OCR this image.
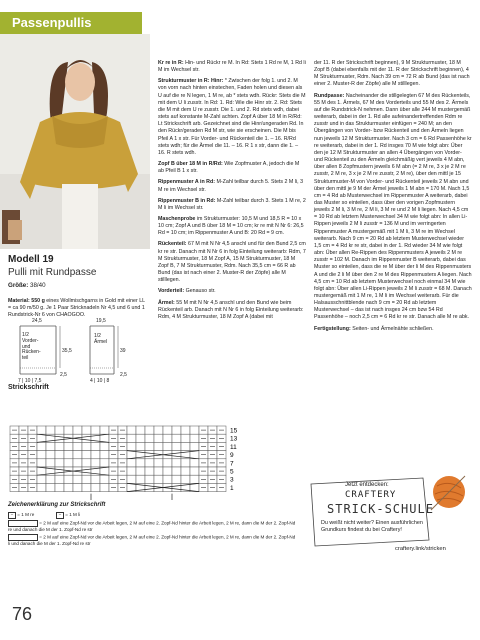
Passenpullis
Modell 19
Pulli mit Rundpasse
Größe: 38/40
Material: 550 g eines Wollmischgarns in Gold mit einer LL = ca 90 m/50 g. Je 1 Paar Stricknadeln Nr 4,5 und 6 und 1 Rundstrick-Nr 6 von CHAOGOO.
24,5
1/2 Vorder- und Rücken-teil
35,5
2,5
7 | 10 | 7,5
19,5
1/2 Ärmel
39
2,5
4 | 10 | 8
Strickschrift
15
13
11
9
7
5
3
1
Zeichenerklärung zur Strickschrift
− = 1 M re	− = 1 M li
= 2 M auf eine Zopf-Nd vor die Arbeit legen, 2 M auf eine 2. Zopf-Nd hinter die Arbeit legen, 2 M re, dann die M der 2. Zopf-Nd re und danach die M der 1. Zopf-Nd re str
= 2 M auf eine Zopf-Nd vor die Arbeit legen, 2 M auf eine 2. Zopf-Nd hinter die Arbeit legen, 2 M re, dann die M der 2. Zopf-Nd li und danach die M der 1. Zopf-Nd re str

Kr re in R: Hin- und Rückr re M. In Rd: Stets 1 Rd re M, 1 Rd li M im Wechsel str.

Strukturmuster in R: Hinr: * Zwischen der folg 1. und 2. M von vorn nach hinten einstechen, Faden holen und diesen als U auf die re N legen, 1 M re, ab * stets wdh. Rückr: Stets die M mit dem U li zusstr. In Rd: 1. Rd: Wie die Hinr str. 2. Rd: Stets die M mit dem U re zusstr. Die 1. und 2. Rd stets wdh, dabei stets auf konstante M-Zahl achten. Zopf A über 18 M in R/Rd: Lt Strickschrift arb. Gezeichnet sind die Hinr/ungeraden Rd. In den Rückr/geraden Rd M str, wie sie erscheinen. Die M bis Pfeil A 1 x str. Für Vorder- und Rückenteil die 1. – 16. R/Rd stets wdh; für die Ärmel die 11. – 16. R 1 x str, dann die 1. – 16. R stets wdh.

Zopf B über 18 M in R/Rd: Wie Zopfmuster A, jedoch die M ab Pfeil B 1 x str.

Rippenmuster A in Rd: M-Zahl teilbar durch 5. Stets 2 M li, 3 M re im Wechsel str.

Rippenmuster B in Rd: M-Zahl teilbar durch 3. Stets 1 M re, 2 M li im Wechsel str.

Maschenprobe im Strukturmuster: 10,5 M und 18,5 R = 10 x 10 cm; Zopf A und B über 18 M = 10 cm; kr re mit N Nr 6: 26,5 Rd = 10 cm; im Rippenmuster A und B: 20 Rd = 9 cm.

Rückenteil: 67 M mit N Nr 4,5 anschl und für den Bund 2,5 cm kr re str. Danach mit N Nr 6 in folg Einteilung weiterarb: Rdm, 7 M Strukturmuster, 18 M Zopf A, 15 M Strukturmuster, 18 M Zopf B, 7 M Strukturmuster, Rdm. Nach 35,5 cm = 66 R ab Bund (das ist nach einer 2. Muster-R der Zöpfe) alle M stilllegen.

Vorderteil: Genauso str.

Ärmel: 55 M mit N Nr 4,5 anschl und den Bund wie beim Rückenteil arb. Danach mit N Nr 6 in folg Einteilung weiterarb: Rdm, 4 M Strukturmuster, 18 M Zopf A (dabei mit

der 11. R der Strickschrift beginnen), 9 M Strukturmuster, 18 M Zopf B (dabei ebenfalls mit der 11. R der Strickschrift beginnen), 4 M Strukturmuster, Rdm. Nach 39 cm = 72 R ab Bund (das ist nach einer 2. Muster-R der Zöpfe) alle M stilllegen.

Rundpasse: Nacheinander die stillgelegten 67 M des Rückenteils, 55 M des 1. Ärmels, 67 M des Vorderteils und 55 M des 2. Ärmels auf die Rundstrick-N nehmen. Dann über alle 244 M mustergemäß weiterarb, dabei in der 1. Rd alle aufeinandertreffenden Rdm re zusstr und in das Strukturmuster einfügen = 240 M; an den Übergängen von Vorder- bzw Rückenteil und den Ärmeln liegen nun jeweils 12 M Strukturmuster. Nach 3 cm = 6 Rd Passenhöhe kr re weiterarb, dabei in der 1. Rd insges 70 M wie folgt abn: Über den je 12 M Strukturmuster an allen 4 Übergängen von Vorder- und Rückenteil zu den Ärmeln gleichmäßig vert jeweils 4 M abn, über allen 8 Zopfmustern jeweils 6 M abn (= 2 M re, 3 x je 2 M re zusstr, 2 M re, 3 x je 2 M re zusstr, 2 M re), über den mittl je 15 Strukturmuster-M von Vorder- und Rückenteil jeweils 2 M abn und über den mittl je 9 M der Ärmel jeweils 1 M abn = 170 M. Nach 1,5 cm = 4 Rd ab Musterwechsel im Rippenmuster A weiterarb, dabei das Muster so einteilen, dass über den vorigen Zopfmustern jeweils 2 M li, 3 M re, 2 M li, 3 M re und 2 M li liegen. Nach 4,5 cm = 10 Rd ab letztem Musterwechsel 34 M wie folgt abn: In allen Li-Rippen jeweils 2 M li zusstr = 136 M und im verringerten Rippenmuster A mustergemäß mit 1 M li, 3 M re im Wechsel weiterarb. Nach 9 cm = 20 Rd ab letztem Musterwechsel wieder 1,5 cm = 4 Rd kr re str, dabei in der 1. Rd wieder 34 M wie folgt abn: Über allen Re-Rippen des Rippenmusters A jeweils 2 M re zusstr = 102 M. Danach im Rippenmuster B weiterarb, dabei das Muster so einteilen, dass die re M über der li M des Rippenmusters A und die 2 li M über den 2 re M des Rippenmusters A liegen. Nach 4,5 cm = 10 Rd ab letztem Musterwechsel noch einmal 34 M wie folgt abn: Über allen Li-Rippen jeweils 2 M li zusstr = 68 M. Danach mustergemäß mit 1 M re, 1 M li im Wechsel weiterarb. Für die Halsausschnittblende nach 9 cm = 20 Rd ab letztem Musterwechsel – das ist nach insges 24 cm bzw 54 Rd Passenhöhe – noch 2,5 cm = 6 Rd kr re str. Danach alle M re abk.

Fertigstellung: Seiten- und Ärmelnähte schließen.

Jetzt entdecken:
CRAFTERY
STRICK-SCHULE
Du weißt nicht weiter? Einen ausführlichen Grundkurs findest du bei Craftery!
craftery.link/stricken
76
